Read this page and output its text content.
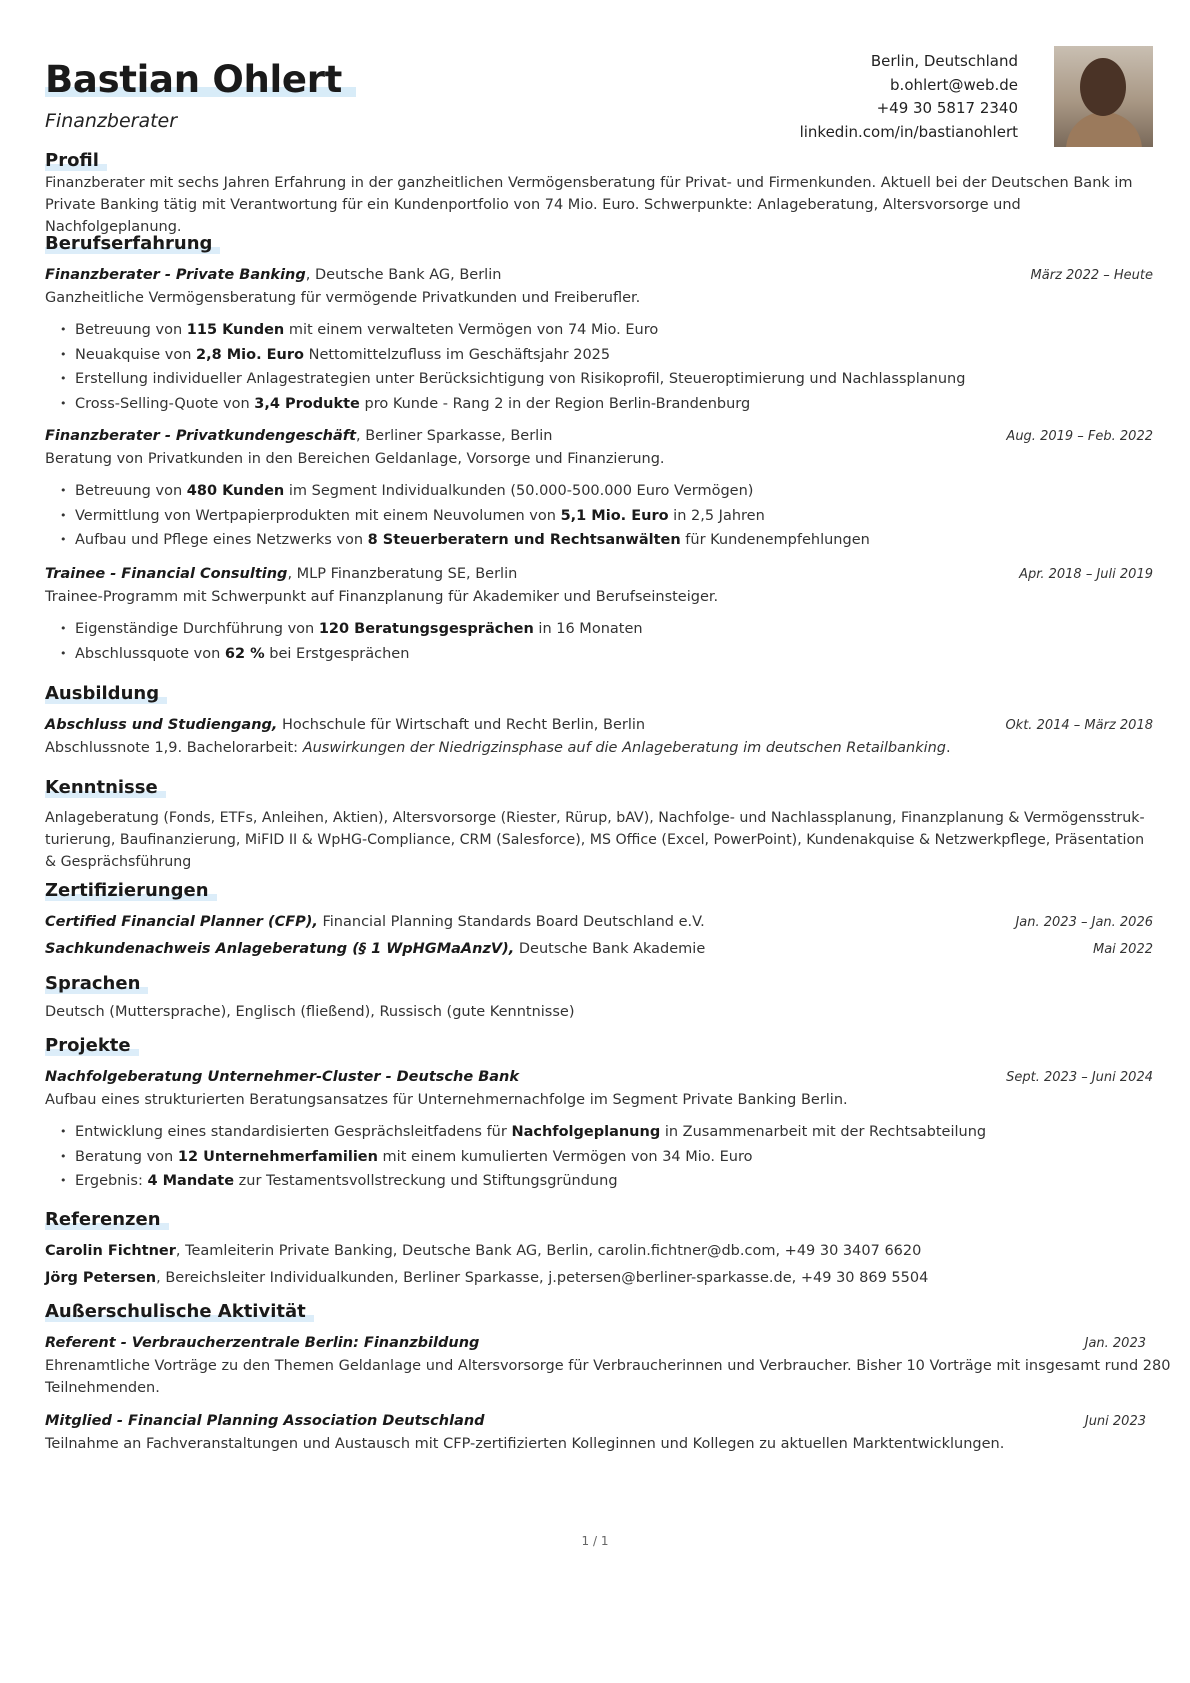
Bastian Ohlert
Finanzberater
Berlin, Deutschland
b.ohlert@web.de
+49 30 5817 2340
linkedin.com/in/bastianohlert
Profil
Finanzberater mit sechs Jahren Erfahrung in der ganzheitlichen Vermögensberatung für Privat- und Firmenkunden. Aktuell bei der Deutschen Bank im Private Banking tätig mit Verantwortung für ein Kundenportfolio von 74 Mio. Euro. Schwerpunkte: Anlageberatung, Altersvorsorge und Nachfolgeplanung.
Berufserfahrung
Finanzberater - Private Banking, Deutsche Bank AG, Berlin	März 2022 – Heute
Ganzheitliche Vermögensberatung für vermögende Privatkunden und Freiberufler.
• Betreuung von 115 Kunden mit einem verwalteten Vermögen von 74 Mio. Euro
• Neuakquise von 2,8 Mio. Euro Nettomittelzufluss im Geschäftsjahr 2025
• Erstellung individueller Anlagestrategien unter Berücksichtigung von Risikoprofil, Steueroptimierung und Nachlassplanung
• Cross-Selling-Quote von 3,4 Produkte pro Kunde - Rang 2 in der Region Berlin-Brandenburg
Finanzberater - Privatkundengeschäft, Berliner Sparkasse, Berlin	Aug. 2019 – Feb. 2022
Beratung von Privatkunden in den Bereichen Geldanlage, Vorsorge und Finanzierung.
• Betreuung von 480 Kunden im Segment Individualkunden (50.000-500.000 Euro Vermögen)
• Vermittlung von Wertpapierprodukten mit einem Neuvolumen von 5,1 Mio. Euro in 2,5 Jahren
• Aufbau und Pflege eines Netzwerks von 8 Steuerberatern und Rechtsanwälten für Kundenempfehlungen
Trainee - Financial Consulting, MLP Finanzberatung SE, Berlin	Apr. 2018 – Juli 2019
Trainee-Programm mit Schwerpunkt auf Finanzplanung für Akademiker und Berufseinsteiger.
• Eigenständige Durchführung von 120 Beratungsgesprächen in 16 Monaten
• Abschlussquote von 62 % bei Erstgesprächen
Ausbildung
Abschluss und Studiengang, Hochschule für Wirtschaft und Recht Berlin, Berlin	Okt. 2014 – März 2018
Abschlussnote 1,9. Bachelorarbeit: Auswirkungen der Niedrigzinsphase auf die Anlageberatung im deutschen Retailbanking.
Kenntnisse
Anlageberatung (Fonds, ETFs, Anleihen, Aktien), Altersvorsorge (Riester, Rürup, bAV), Nachfolge- und Nachlassplanung, Finanzplanung & Vermögensstruk-
turierung, Baufinanzierung, MiFID II & WpHG-Compliance, CRM (Salesforce), MS Office (Excel, PowerPoint), Kundenakquise & Netzwerkpflege, Präsentation
& Gesprächsführung
Zertifizierungen
Certified Financial Planner (CFP), Financial Planning Standards Board Deutschland e.V.	Jan. 2023 – Jan. 2026
Sachkundenachweis Anlageberatung (§ 1 WpHGMaAnzV), Deutsche Bank Akademie	Mai 2022
Sprachen
Deutsch (Muttersprache), Englisch (fließend), Russisch (gute Kenntnisse)
Projekte
Nachfolgeberatung Unternehmer-Cluster - Deutsche Bank	Sept. 2023 – Juni 2024
Aufbau eines strukturierten Beratungsansatzes für Unternehmernachfolge im Segment Private Banking Berlin.
• Entwicklung eines standardisierten Gesprächsleitfadens für Nachfolgeplanung in Zusammenarbeit mit der Rechtsabteilung
• Beratung von 12 Unternehmerfamilien mit einem kumulierten Vermögen von 34 Mio. Euro
• Ergebnis: 4 Mandate zur Testamentsvollstreckung und Stiftungsgründung
Referenzen
Carolin Fichtner, Teamleiterin Private Banking, Deutsche Bank AG, Berlin, carolin.fichtner@db.com, +49 30 3407 6620
Jörg Petersen, Bereichsleiter Individualkunden, Berliner Sparkasse, j.petersen@berliner-sparkasse.de, +49 30 869 5504
Außerschulische Aktivität
Referent - Verbraucherzentrale Berlin: Finanzbildung	Jan. 2023
Ehrenamtliche Vorträge zu den Themen Geldanlage und Altersvorsorge für Verbraucherinnen und Verbraucher. Bisher 10 Vorträge mit insgesamt rund 280
Teilnehmenden.
Mitglied - Financial Planning Association Deutschland	Juni 2023
Teilnahme an Fachveranstaltungen und Austausch mit CFP-zertifizierten Kolleginnen und Kollegen zu aktuellen Marktentwicklungen.
1 / 1
